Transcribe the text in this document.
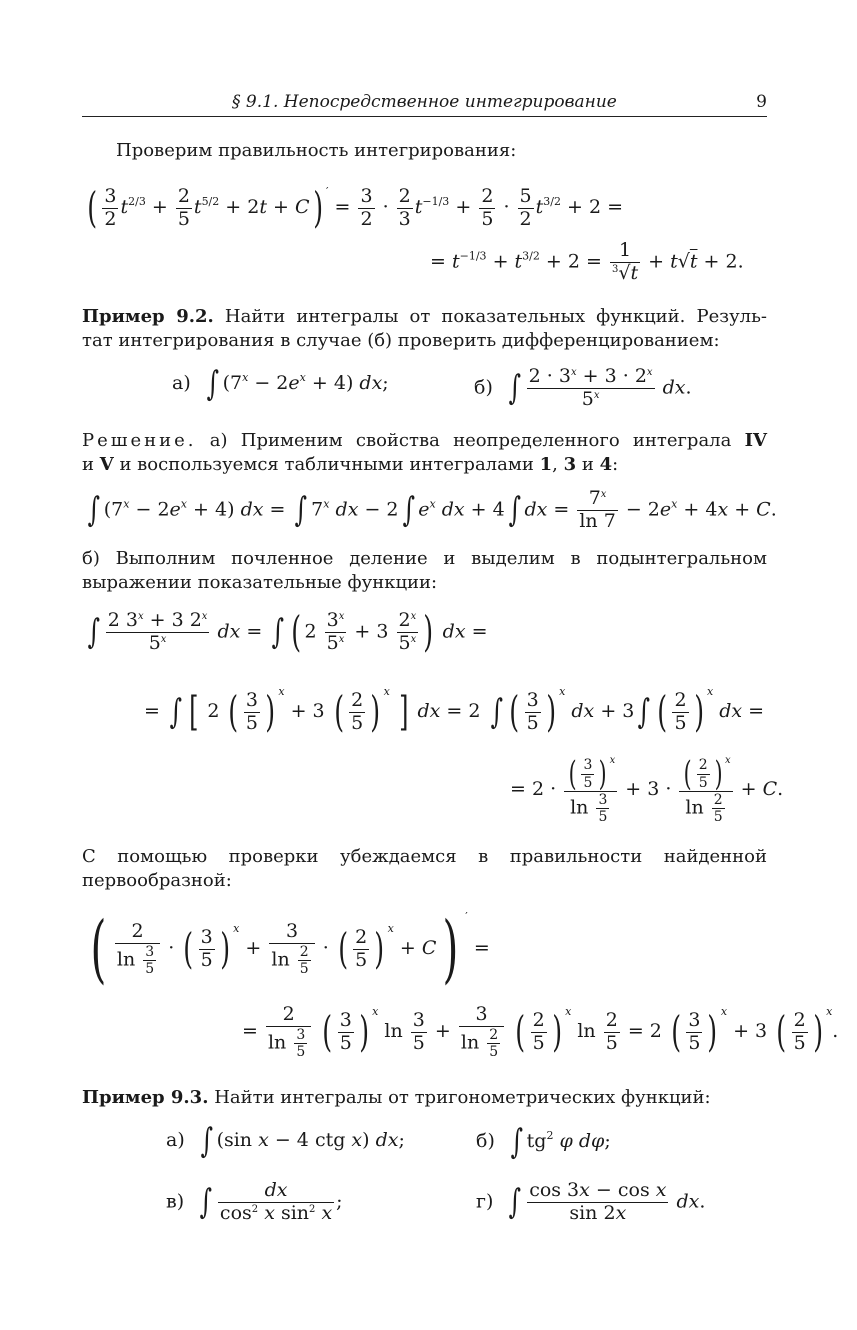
§ 9.1. Непосредственное интегрирование	9
Проверим правильность интегрирования:
( $\frac{3}{2} t^{2/3} + \frac{2}{5} t^{5/2} + 2t + C$) $' = \frac{3}{2} \cdot \frac{2}{3} t^{-1/3} + \frac{2}{5} \cdot \frac{5}{2} t^{3/2} + 2$ =
= $t^{-1/3} + t^{3/2} + 2 = \frac{1}{^3√t} + t√t + 2$.
Пример 9.2. Найти интегралы от показательных функций. Резуль-
тат интегрирования в случае (б) проверить дифференцированием:
а) ∫ $(7^x - 2e^x + 4)$ dx;	б) ∫ $\frac{2 \cdot 3^x + 3 \cdot 2^x}{5^x}$ dx.
Решение. а) Применим свойства неопределенного интеграла IV
и V и воспользуемся табличными интегралами 1, 3 и 4:
∫ $(7^x - 2e^x + 4)$ dx = ∫ 7$^x$ dx − 2 ∫ $e^x$ dx + 4 ∫ dx = $\frac{7^x}{\ln 7} - 2e^x + 4x + C$.
б) Выполним почленное деление и выделим в подынтегральном
выражении показательные функции:
∫ $\frac{2 3^x + 3 2^x}{5^x}$ dx = ∫ ( $2 \frac{3^x}{5^x} + 3 \frac{2^x}{5^x}$ ) dx =
= ∫ [ 2 ( $\frac{3}{5}$ ) $^x$ + 3 ( $\frac{2}{5}$ ) $^x$ ] dx = 2 ∫ ( $\frac{3}{5}$ ) $^x$ dx + 3 ∫ ( $\frac{2}{5}$ ) $^x$ dx =
= $2 \cdot \frac{( \frac{3}{5} ) ^x}{\ln \frac{3}{5}} + 3 \cdot \frac{( \frac{2}{5} ) ^x}{\ln \frac{2}{5}} + C$.
С помощью проверки убеждаемся в правильности найденной
первообразной:
( $\frac{2}{\ln \frac{3}{5}}$ · ( $\frac{3}{5}$ ) $^x + \frac{3}{\ln \frac{2}{5}}$ · ( $\frac{2}{5}$ ) $^x$ + C) ′ =
= $\frac{2}{\ln \frac{3}{5}}$ ( $\frac{3}{5}$ ) $^x$ $\ln \frac{3}{5} + \frac{3}{\ln \frac{2}{5}}$ ( $\frac{2}{5}$ ) $^x$ $\ln \frac{2}{5} = 2$ ( $\frac{3}{5}$ ) $^x$ + 3 ( $\frac{2}{5}$ ) $^x$.
Пример 9.3. Найти интегралы от тригонометрических функций:
а) ∫ (sin x − 4 ctg x) dx;	б) ∫ $tg^2$ φ dφ;
в) ∫ $\frac{dx}{\cos^2 x \sin^2 x}$ ;	г) ∫ $\frac{\text{cos 3x − cos x}}{\sin 2x}$ dx.
